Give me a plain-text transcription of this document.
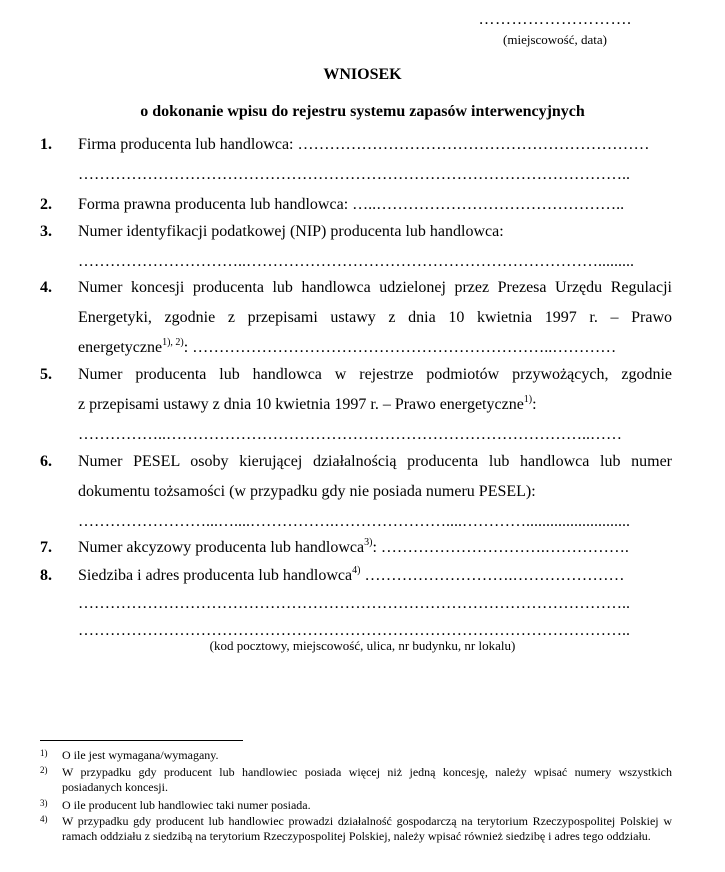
……………………….
(miejscowość, data)
WNIOSEK
o dokonanie wpisu do rejestru systemu zapasów interwencyjnych
1. Firma producenta lub handlowca: …………………………………………………………
…………………………………………………………………………………………..
2. Forma prawna producenta lub handlowca: …..………………………………………..
3. Numer identyfikacji podatkowej (NIP) producenta lub handlowca:
…………………………..………………………………………………………….........
4. Numer koncesji producenta lub handlowca udzielonej przez Prezesa Urzędu Regulacji
Energetyki, zgodnie z przepisami ustawy z dnia 10 kwietnia 1997 r. – Prawo
energetyczne$^{1), 2)}$: …………………………………………………………..…………
5. Numer producenta lub handlowca w rejestrze podmiotów przywożących, zgodnie
z przepisami ustawy z dnia 10 kwietnia 1997 r. – Prawo energetyczne$^{1)}$:
……………..……………………………………………………………………..……
6. Numer PESEL osoby kierującej działalnością producenta lub handlowca lub numer
dokumentu tożsamości (w przypadku gdy nie posiada numeru PESEL):
……………………...…....…………….…………………....…………..........................
7. Numer akcyzowy producenta lub handlowca$^{3)}$: ………………………….…………….
8. Siedziba i adres producenta lub handlowca$^{4)}$ ……………………….…………………
…………………………………………………………………………………………..
…………………………………………………………………………………………..
(kod pocztowy, miejscowość, ulica, nr budynku, nr lokalu)
1) O ile jest wymagana/wymagany.
2) W przypadku gdy producent lub handlowiec posiada więcej niż jedną koncesję, należy wpisać numery wszystkich posiadanych koncesji.
3) O ile producent lub handlowiec taki numer posiada.
4) W przypadku gdy producent lub handlowiec prowadzi działalność gospodarczą na terytorium Rzeczypospolitej Polskiej w ramach oddziału z siedzibą na terytorium Rzeczypospolitej Polskiej, należy wpisać również siedzibę i adres tego oddziału.
